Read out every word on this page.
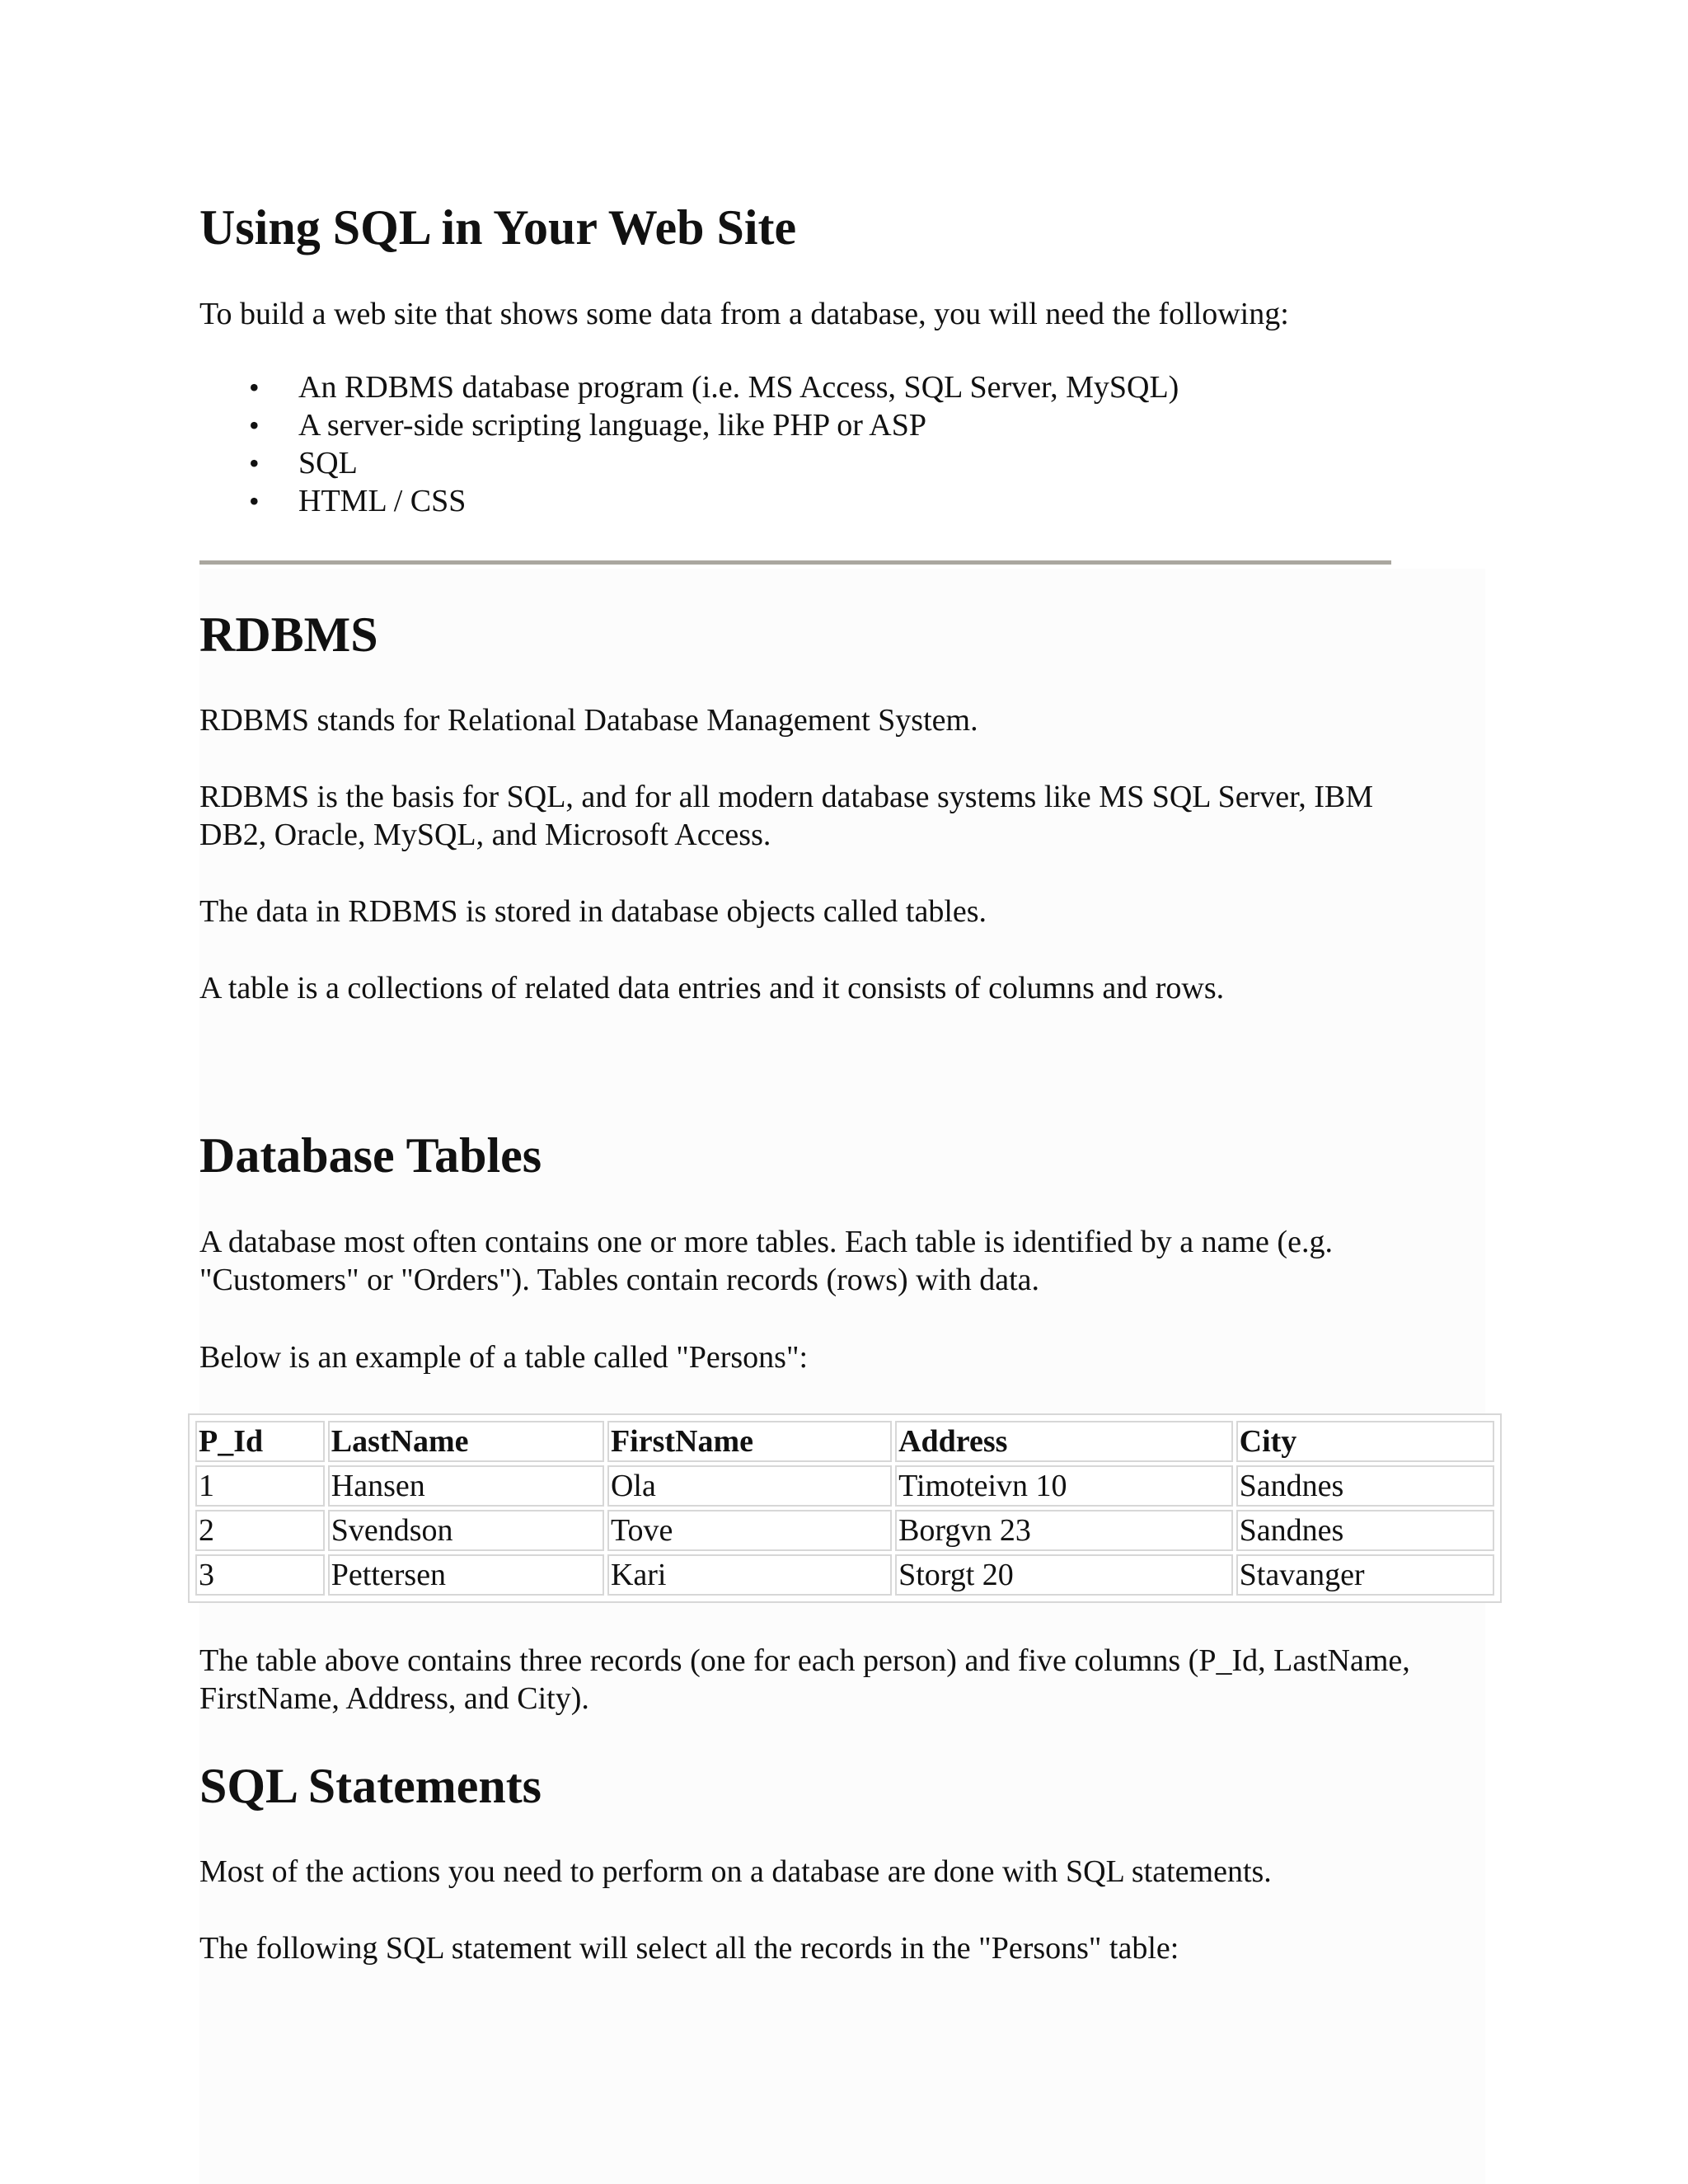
Using SQL in Your Web Site

To build a web site that shows some data from a database, you will need the following:

• An RDBMS database program (i.e. MS Access, SQL Server, MySQL)
• A server-side scripting language, like PHP or ASP
• SQL
• HTML / CSS
RDBMS

RDBMS stands for Relational Database Management System.

RDBMS is the basis for SQL, and for all modern database systems like MS SQL Server, IBM

DB2, Oracle, MySQL, and Microsoft Access.

The data in RDBMS is stored in database objects called tables.

A table is a collections of related data entries and it consists of columns and rows.

Database Tables

A database most often contains one or more tables. Each table is identified by a name (e.g.

"Customers" or "Orders"). Tables contain records (rows) with data.

Below is an example of a table called "Persons":

P_Id	LastName	FirstName	Address	City
1	Hansen	Ola	Timoteivn 10	Sandnes
2	Svendson	Tove	Borgvn 23	Sandnes
3	Pettersen	Kari	Storgt 20	Stavanger

The table above contains three records (one for each person) and five columns (P_Id, LastName,

FirstName, Address, and City).

SQL Statements

Most of the actions you need to perform on a database are done with SQL statements.

The following SQL statement will select all the records in the "Persons" table:
